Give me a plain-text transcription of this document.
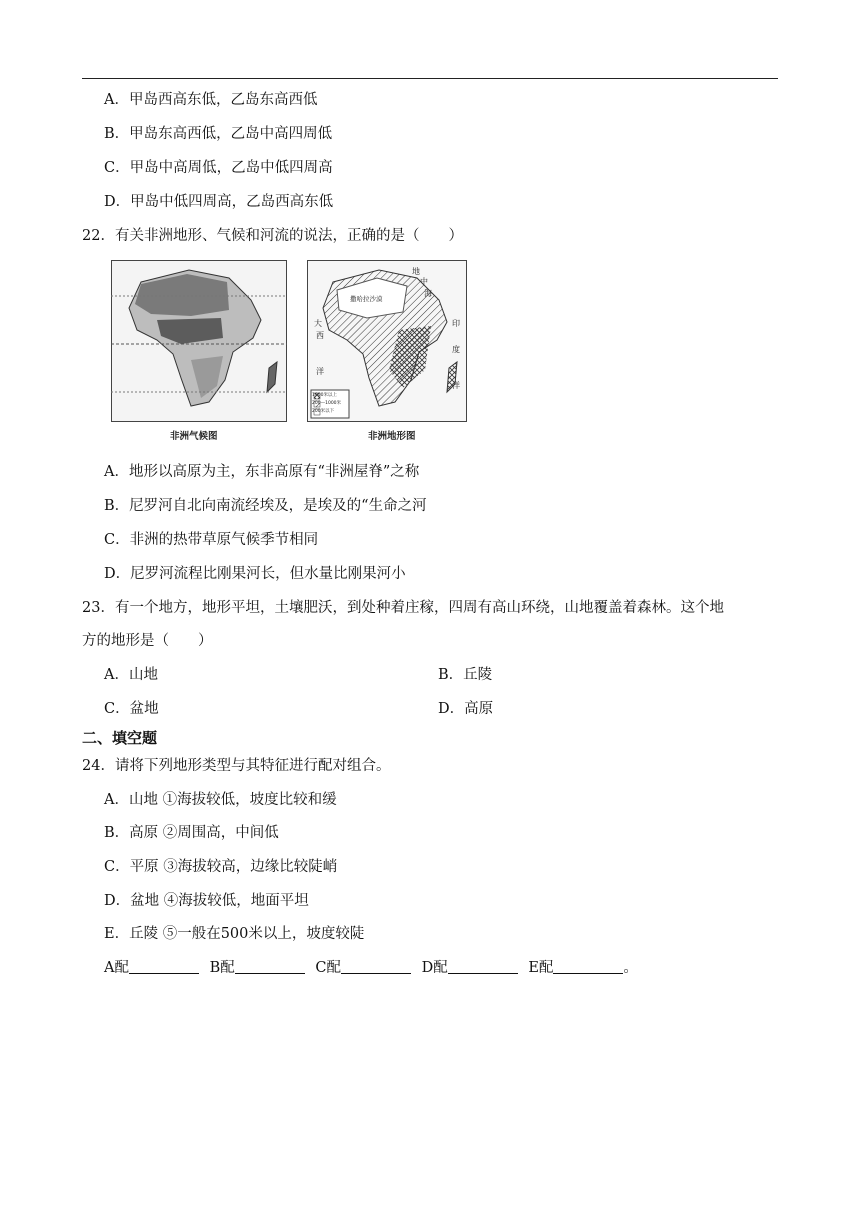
A．甲岛西高东低，乙岛东高西低
B．甲岛东高西低，乙岛中高四周低
C．甲岛中高周低，乙岛中低四周高
D．甲岛中低四周高，乙岛西高东低
22．有关非洲地形、气候和河流的说法，正确的是（　　）
非洲气候图
1000米以上
200—1000米
200米以下
大
西
洋
地
中
海
印
度
洋
撒哈拉沙漠
非洲地形图
A．地形以高原为主，东非高原有“非洲屋脊”之称
B．尼罗河自北向南流经埃及，是埃及的“生命之河
C．非洲的热带草原气候季节相同
D．尼罗河流程比刚果河长，但水量比刚果河小
23．有一个地方，地形平坦，土壤肥沃，到处种着庄稼，四周有高山环绕，山地覆盖着森林。这个地
方的地形是（　　）
A．山地	B．丘陵
C．盆地	D．高原
二、填空题
24．请将下列地形类型与其特征进行配对组合。
A．山地 ①海拔较低，坡度比较和缓
B．高原 ②周围高，中间低
C．平原 ③海拔较高，边缘比较陡峭
D．盆地 ④海拔较低，地面平坦
E．丘陵 ⑤一般在500米以上，坡度较陡
A配	B配	C配	D配	E配	。
